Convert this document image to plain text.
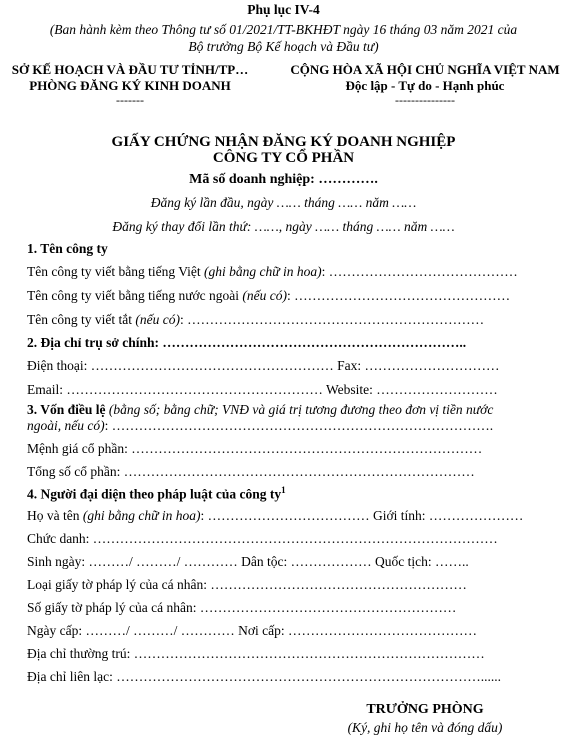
Phụ lục IV-4
(Ban hành kèm theo Thông tư số 01/2021/TT-BKHĐT ngày 16 tháng 03 năm 2021 của
Bộ trưởng Bộ Kế hoạch và Đầu tư)
SỞ KẾ HOẠCH VÀ ĐẦU TƯ TỈNH/TP…
PHÒNG ĐĂNG KÝ KINH DOANH
-------
CỘNG HÒA XÃ HỘI CHỦ NGHĨA VIỆT NAM
Độc lập - Tự do - Hạnh phúc
---------------
GIẤY CHỨNG NHẬN ĐĂNG KÝ DOANH NGHIỆP
CÔNG TY CỔ PHẦN
Mã số doanh nghiệp: ………….
Đăng ký lần đầu, ngày …… tháng …… năm ……
Đăng ký thay đổi lần thứ: ……, ngày …… tháng …… năm ……
1. Tên công ty
Tên công ty viết bằng tiếng Việt (ghi bằng chữ in hoa): ……………………………………
Tên công ty viết bằng tiếng nước ngoài (nếu có): …………………………………………
Tên công ty viết tắt (nếu có): …………………………………………………………
2. Địa chỉ trụ sở chính: …………………………………………………………..
Điện thoại: ……………………………………………… Fax: …………………………
Email: ………………………………………………… Website: ………………………
3. Vốn điều lệ (bằng số; bằng chữ; VNĐ và giá trị tương đương theo đơn vị tiền nước
ngoài, nếu có): ………………………………………………………………………….
Mệnh giá cổ phần: ……………………………………………………………………
Tổng số cổ phần: ……………………………………………………………………
4. Người đại diện theo pháp luật của công $ty^1$
Họ và tên (ghi bằng chữ in hoa): ……………………………… Giới tính: …………………
Chức danh: ………………………………………………………………………………
Sinh ngày: ………/ ………/ ………… Dân tộc: ……………… Quốc tịch: ……..
Loại giấy tờ pháp lý của cá nhân: …………………………………………………
Số giấy tờ pháp lý của cá nhân: …………………………………………………
Ngày cấp: ………/ ………/ ………… Nơi cấp: ……………………………………
Địa chỉ thường trú: ……………………………………………………………………
Địa chỉ liên lạc: ………………………………………………………………………......
TRƯỞNG PHÒNG
(Ký, ghi họ tên và đóng dấu)
